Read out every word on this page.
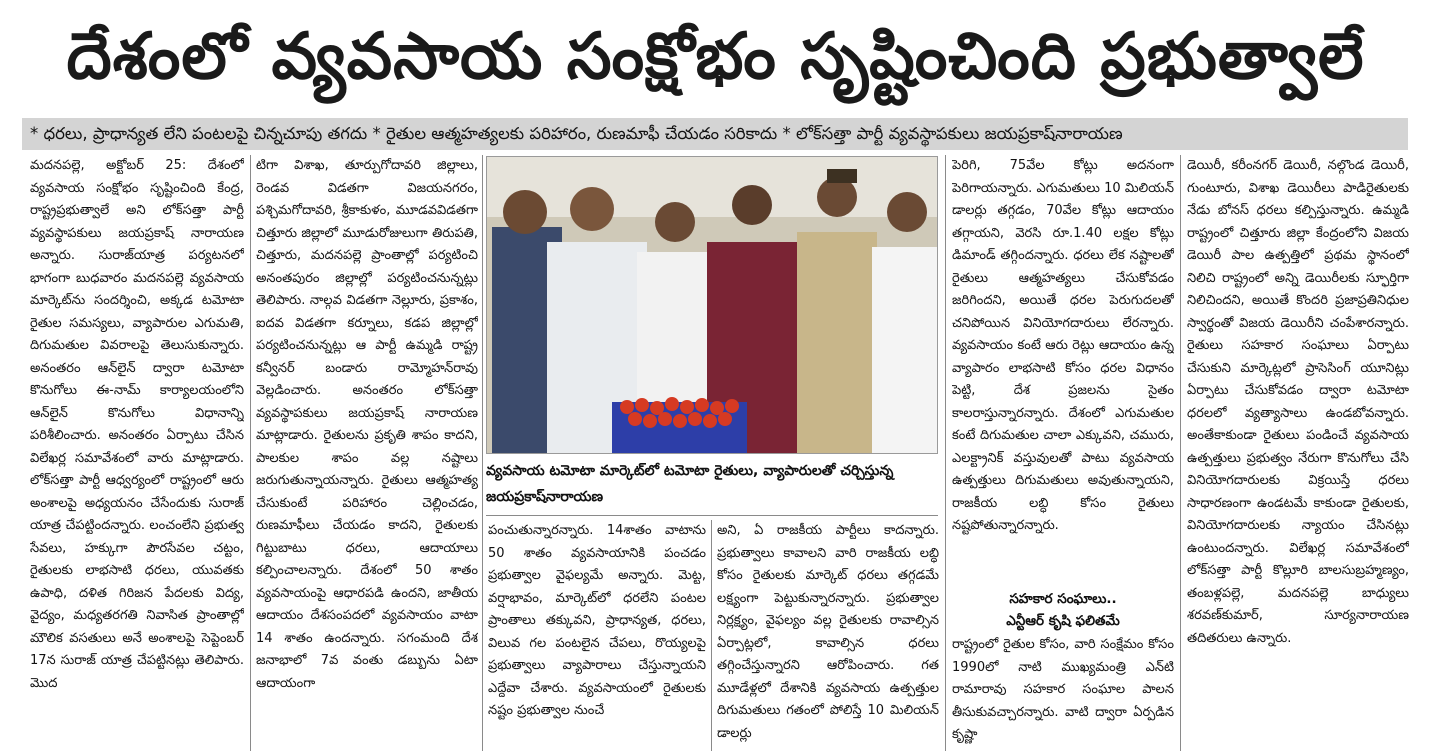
దేశంలో వ్యవసాయ సంక్షోభం సృష్టించింది ప్రభుత్వాలే
* ధరలు, ప్రాధాన్యత లేని పంటలపై చిన్నచూపు తగదు * రైతుల ఆత్మహత్యలకు పరిహారం, రుణమాఫీ చేయడం సరికాదు * లోక్‌సత్తా పార్టీ వ్యవస్థాపకులు జయప్రకాష్‌నారాయణ

మదనపల్లె, అక్టోబర్ 25: దేశంలో వ్యవసాయ సంక్షోభం సృష్టించింది కేంద్ర, రాష్ట్రప్రభుత్వాలే అని లోక్‌సత్తా పార్టీ వ్యవస్థాపకులు జయప్రకాష్ నారాయణ అన్నారు. సురాజ్‌యాత్ర పర్యటనలో భాగంగా బుధవారం మదనపల్లె వ్యవసాయ మార్కెట్‌ను సందర్శించి, అక్కడ టమోటా రైతుల సమస్యలు, వ్యాపారుల ఎగుమతి, దిగుమతుల వివరాలపై తెలుసుకున్నారు. అనంతరం ఆన్‌లైన్ ద్వారా టమోటా కొనుగోలు ఈ-నామ్ కార్యాలయంలోని ఆన్‌లైన్ కొనుగోలు విధానాన్ని పరిశీలించారు. అనంతరం ఏర్పాటు చేసిన విలేఖర్ల సమావేశంలో వారు మాట్లాడారు. లోక్‌సత్తా పార్టీ ఆధ్వర్యంలో రాష్ట్రంలో ఆరు అంశాలపై అధ్యయనం చేసేందుకు సురాజ్ యాత్ర చేపట్టిందన్నారు. లంచంలేని ప్రభుత్వ సేవలు, హక్కుగా పౌరసేవల చట్టం, రైతులకు లాభసాటి ధరలు, యువతకు ఉపాధి, దళిత గిరిజన పేదలకు విద్య, వైద్యం, మధ్యతరగతి నివాసిత ప్రాంతాల్లో మౌలిక వసతులు అనే అంశాలపై సెప్టెంబర్ 17న సురాజ్ యాత్ర చేపట్టినట్లు తెలిపారు. మొద

టిగా విశాఖ, తూర్పుగోదావరి జిల్లాలు, రెండవ విడతగా విజయనగరం, పశ్చిమగోదావరి, శ్రీకాకుళం, మూడవవిడతగా చిత్తూరు జిల్లాలో మూడురోజులుగా తిరుపతి, చిత్తూరు, మదనపల్లె ప్రాంతాల్లో పర్యటించి అనంతపురం జిల్లాల్లో పర్యటించనున్నట్లు తెలిపారు. నాల్గవ విడతగా నెల్లూరు, ప్రకాశం, ఐదవ విడతగా కర్నూలు, కడప జిల్లాల్లో పర్యటించనున్నట్లు ఆ పార్టీ ఉమ్మడి రాష్ట్ర కన్వీనర్ బండారు రామ్మోహన్‌రావు వెల్లడించారు. అనంతరం లోక్‌సత్తా వ్యవస్థాపకులు జయప్రకాష్ నారాయణ మాట్లాడారు. రైతులను ప్రకృతి శాపం కాదని, పాలకుల శాపం వల్ల నష్టాలు జరుగుతున్నాయన్నారు. రైతులు ఆత్మహత్య చేసుకుంటే పరిహారం చెల్లించడం, రుణమాఫీలు చేయడం కాదని, రైతులకు గిట్టుబాటు ధరలు, ఆదాయాలు కల్పించాలన్నారు. దేశంలో 50 శాతం వ్యవసాయంపై ఆధారపడి ఉందని, జాతీయ ఆదాయం దేశసంపదలో వ్యవసాయం వాటా 14 శాతం ఉందన్నారు. సగంమంది దేశ జనాభాలో 7వ వంతు డబ్బును ఏటా ఆదాయంగా

వ్యవసాయ టమోటా మార్కెట్‌లో టమోటా రైతులు, వ్యాపారులతో చర్చిస్తున్న జయప్రకాష్‌నారాయణ

పంచుతున్నారన్నారు. 14శాతం వాటాను 50 శాతం వ్యవసాయానికి పంచడం ప్రభుత్వాల వైఫల్యమే అన్నారు. మెట్ట, వర్షాభావం, మార్కెట్‌లో ధరలేని పంటల ప్రాంతాలు తక్కువని, ప్రాధాన్యత, ధరలు, విలువ గల పంటలైన చేపలు, రొయ్యలపై ప్రభుత్వాలు వ్యాపారాలు చేస్తున్నాయని ఎద్దేవా చేశారు. వ్యవసాయంలో రైతులకు నష్టం ప్రభుత్వాల నుంచే

అని, ఏ రాజకీయ పార్టీలు కాదన్నారు. ప్రభుత్వాలు కావాలని వారి రాజకీయ లబ్ధి కోసం రైతులకు మార్కెట్ ధరలు తగ్గడమే లక్ష్యంగా పెట్టుకున్నారన్నారు. ప్రభుత్వాల నిర్లక్ష్యం, వైఫల్యం వల్ల రైతులకు రావాల్సిన ఏర్పాట్లలో, కావాల్సిన ధరలు తగ్గించేస్తున్నారని ఆరోపించారు. గత మూడేళ్లలో దేశానికి వ్యవసాయ ఉత్పత్తుల దిగుమతులు గతంలో పోలిస్తే 10 మిలియన్ డాలర్లు

పెరిగి, 75వేల కోట్లు అదనంగా పెరిగాయన్నారు. ఎగుమతులు 10 మిలియన్ డాలర్లు తగ్గడం, 70వేల కోట్లు ఆదాయం తగ్గాయని, వెరసి రూ.1.40 లక్షల కోట్లు డిమాండ్ తగ్గిందన్నారు. ధరలు లేక నష్టాలతో రైతులు ఆత్మహత్యలు చేసుకోవడం జరిగిందని, అయితే ధరల పెరుగుదలతో చనిపోయిన వినియోగదారులు లేరన్నారు. వ్యవసాయం కంటే ఆరు రెట్లు ఆదాయం ఉన్న వ్యాపారం లాభసాటి కోసం ధరల విధానం పెట్టి, దేశ ప్రజలను సైతం కాలరాస్తున్నారన్నారు. దేశంలో ఎగుమతుల కంటే దిగుమతుల చాలా ఎక్కువని, చమురు, ఎలక్ట్రానిక్ వస్తువులతో పాటు వ్యవసాయ ఉత్పత్తులు దిగుమతులు అవుతున్నాయని, రాజకీయ లబ్ధి కోసం రైతులు నష్టపోతున్నారన్నారు.

సహకార సంఘాలు..
ఎన్టీఆర్ కృషి ఫలితమే

రాష్ట్రంలో రైతుల కోసం, వారి సంక్షేమం కోసం 1990లో నాటి ముఖ్యమంత్రి ఎన్‌టి రామారావు సహకార సంఘాల పాలన తీసుకువచ్చారన్నారు. వాటి ద్వారా ఏర్పడిన కృష్ణా

డెయిరీ, కరీంనగర్ డెయిరీ, నల్గొండ డెయిరీ, గుంటూరు, విశాఖ డెయిరీలు పాడిరైతులకు నేడు బోనస్ ధరలు కల్పిస్తున్నారు. ఉమ్మడి రాష్ట్రంలో చిత్తూరు జిల్లా కేంద్రంలోని విజయ డెయిరీ పాల ఉత్పత్తిలో ప్రథమ స్థానంలో నిలిచి రాష్ట్రంలో అన్ని డెయిరీలకు స్ఫూర్తిగా నిలిచిందని, అయితే కొందరి ప్రజాప్రతినిధుల స్వార్థంతో విజయ డెయిరీని చంపేశారన్నారు. రైతులు సహకార సంఘాలు ఏర్పాటు చేసుకుని మార్కెట్లలో ప్రాసెసింగ్ యూనిట్లు ఏర్పాటు చేసుకోవడం ద్వారా టమోటా ధరలలో వ్యత్యాసాలు ఉండబోవన్నారు. అంతేకాకుండా రైతులు పండించే వ్యవసాయ ఉత్పత్తులు ప్రభుత్వం నేరుగా కొనుగోలు చేసి వినియోగదారులకు విక్రయిస్తే ధరలు సాధారణంగా ఉండటమే కాకుండా రైతులకు, వినియోగదారులకు న్యాయం చేసినట్లు ఉంటుందన్నారు. విలేఖర్ల సమావేశంలో లోక్‌సత్తా పార్టీ కొల్లూరి బాలసుబ్రహ్మణ్యం, తంబళ్లపల్లె, మదనపల్లె బాధ్యులు శరవణ్‌కుమార్, సూర్యనారాయణ తదితరులు ఉన్నారు.
